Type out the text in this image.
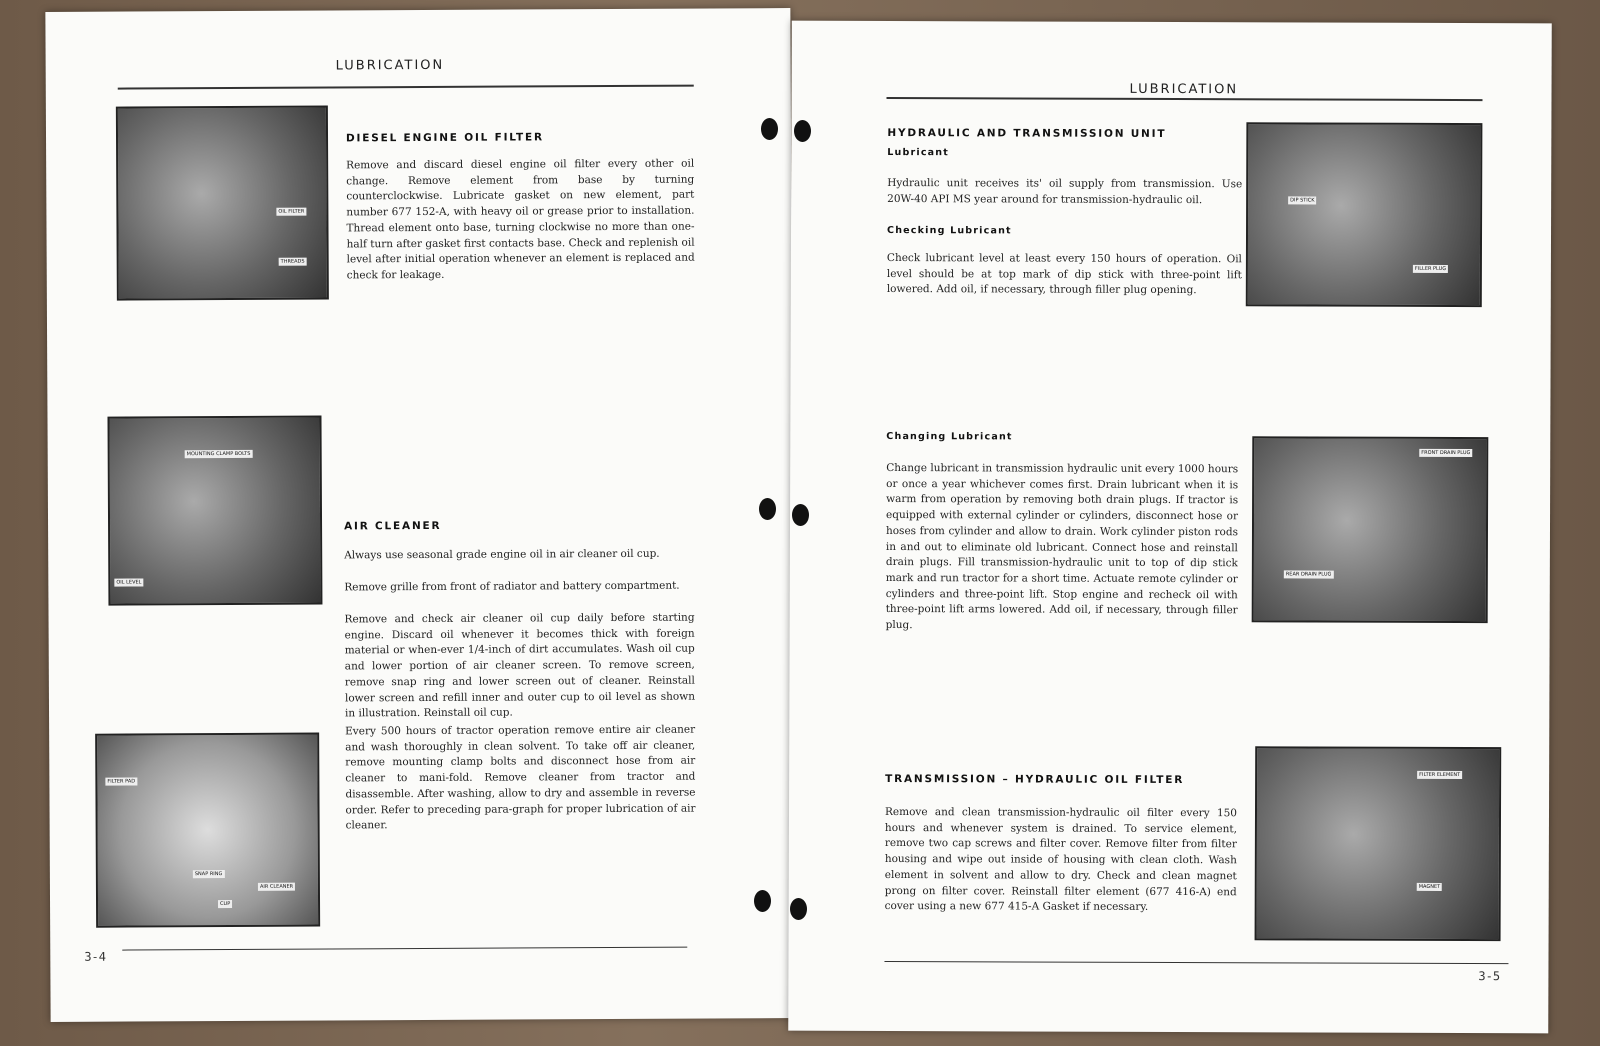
LUBRICATION
OIL FILTER
THREADS
DIESEL ENGINE OIL FILTER
Remove and discard diesel engine oil filter every other oil change. Remove element from base by turning counterclockwise. Lubricate gasket on new element, part number 677 152-A, with heavy oil or grease prior to installation. Thread element onto base, turning clockwise no more than one-half turn after gasket first contacts base. Check and replenish oil level after initial operation whenever an element is replaced and check for leakage.
MOUNTING CLAMP BOLTS
OIL LEVEL
AIR CLEANER
Always use seasonal grade engine oil in air cleaner oil cup.
Remove grille from front of radiator and battery compartment.
Remove and check air cleaner oil cup daily before starting engine. Discard oil whenever it becomes thick with foreign material or when-ever 1/4-inch of dirt accumulates. Wash oil cup and lower portion of air cleaner screen. To remove screen, remove snap ring and lower screen out of cleaner. Reinstall lower screen and refill inner and outer cup to oil level as shown in illustration. Reinstall oil cup.
Every 500 hours of tractor operation remove entire air cleaner and wash thoroughly in clean solvent. To take off air cleaner, remove mounting clamp bolts and disconnect hose from air cleaner to mani-fold. Remove cleaner from tractor and disassemble. After washing, allow to dry and assemble in reverse order. Refer to preceding para-graph for proper lubrication of air cleaner.
FILTER PAD
SNAP RING
AIR CLEANER
CUP
3-4
LUBRICATION
HYDRAULIC AND TRANSMISSION UNIT
Lubricant
Hydraulic unit receives its' oil supply from transmission. Use 20W-40 API MS year around for transmission-hydraulic oil.
Checking Lubricant
Check lubricant level at least every 150 hours of operation. Oil level should be at top mark of dip stick with three-point lift lowered. Add oil, if necessary, through filler plug opening.
DIP STICK
FILLER PLUG
Changing Lubricant
Change lubricant in transmission hydraulic unit every 1000 hours or once a year whichever comes first. Drain lubricant when it is warm from operation by removing both drain plugs. If tractor is equipped with external cylinder or cylinders, disconnect hose or hoses from cylinder and allow to drain. Work cylinder piston rods in and out to eliminate old lubricant. Connect hose and reinstall drain plugs. Fill transmission-hydraulic unit to top of dip stick mark and run tractor for a short time. Actuate remote cylinder or cylinders and three-point lift. Stop engine and recheck oil with three-point lift arms lowered. Add oil, if necessary, through filler plug.
FRONT DRAIN PLUG
REAR DRAIN PLUG
TRANSMISSION – HYDRAULIC OIL FILTER
Remove and clean transmission-hydraulic oil filter every 150 hours and whenever system is drained. To service element, remove two cap screws and filter cover. Remove filter from filter housing and wipe out inside of housing with clean cloth. Wash element in solvent and allow to dry. Check and clean magnet prong on filter cover. Reinstall filter element (677 416-A) end cover using a new 677 415-A Gasket if necessary.
FILTER ELEMENT
MAGNET
3-5
